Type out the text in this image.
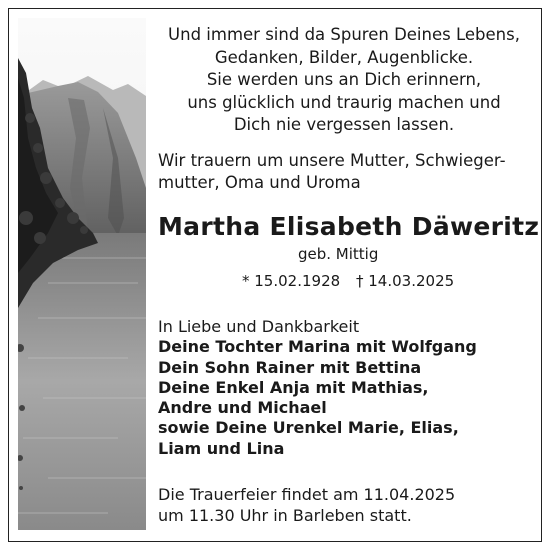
Und immer sind da Spuren Deines Lebens,
Gedanken, Bilder, Augenblicke.
Sie werden uns an Dich erinnern,
uns glücklich und traurig machen und
Dich nie vergessen lassen.
Wir trauern um unsere Mutter, Schwieger-
mutter, Oma und Uroma
Martha Elisabeth Däweritz
geb. Mittig
* 15.02.1928 † 14.03.2025
In Liebe und Dankbarkeit
Deine Tochter Marina mit Wolfgang
Dein Sohn Rainer mit Bettina
Deine Enkel Anja mit Mathias,
Andre und Michael
sowie Deine Urenkel Marie, Elias,
Liam und Lina
Die Trauerfeier findet am 11.04.2025
um 11.30 Uhr in Barleben statt.
